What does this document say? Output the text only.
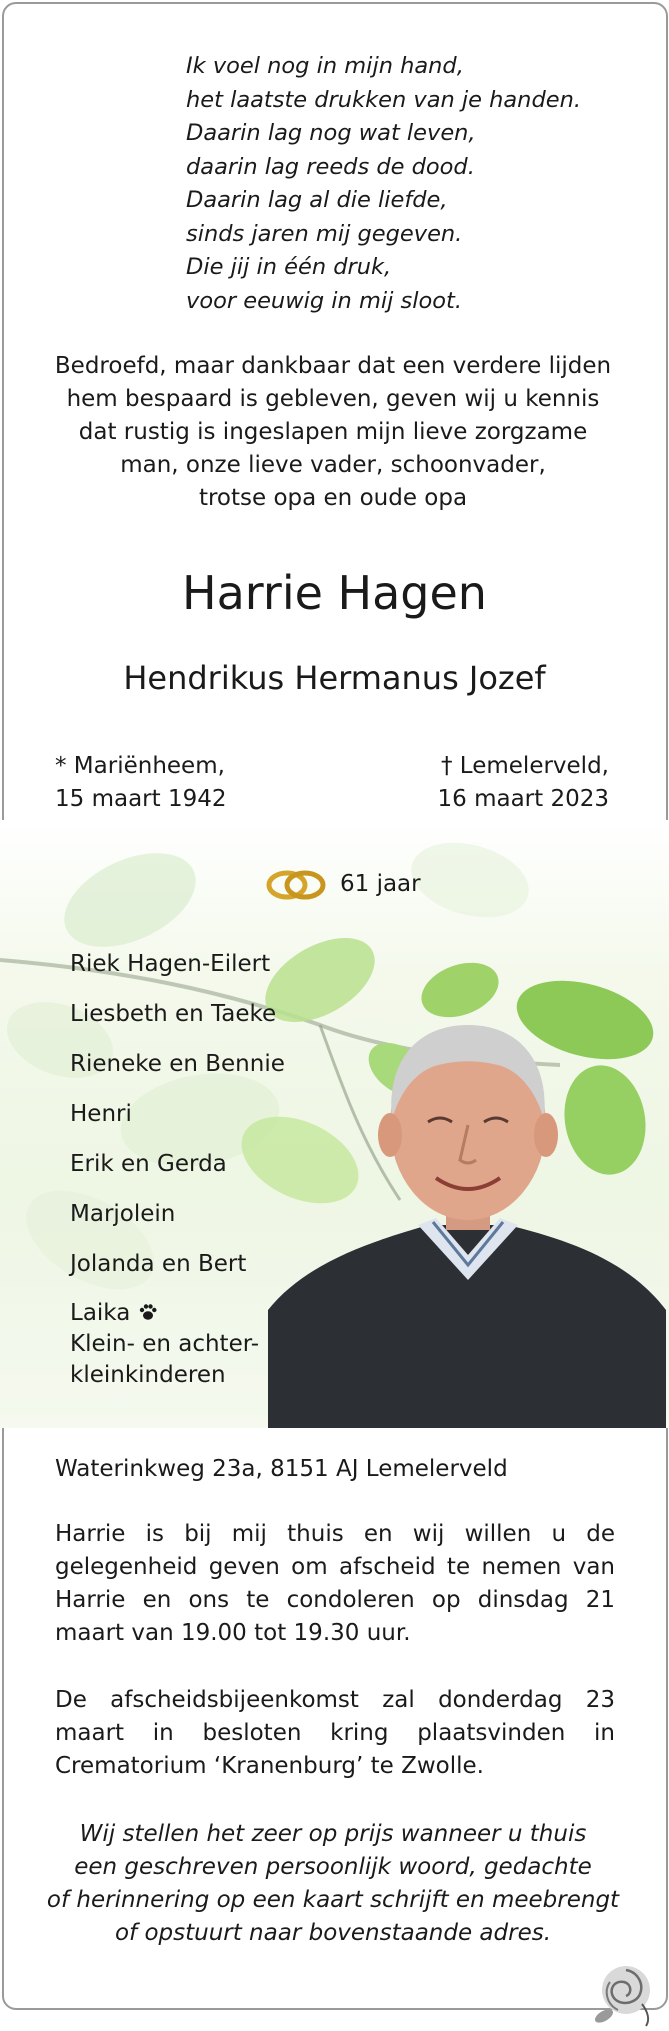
Ik voel nog in mijn hand,
het laatste drukken van je handen.
Daarin lag nog wat leven,
daarin lag reeds de dood.
Daarin lag al die liefde,
sinds jaren mij gegeven.
Die jij in één druk,
voor eeuwig in mij sloot.
Bedroefd, maar dankbaar dat een verdere lijden
hem bespaard is gebleven, geven wij u kennis
dat rustig is ingeslapen mijn lieve zorgzame
man, onze lieve vader, schoonvader,
trotse opa en oude opa
Harrie Hagen
Hendrikus Hermanus Jozef
* Mariënheem,
15 maart 1942
† Lemelerveld,
16 maart 2023
61 jaar
Riek Hagen-Eilert
Liesbeth en Taeke
Rieneke en Bennie
Henri
Erik en Gerda
Marjolein
Jolanda en Bert
Laika
Klein- en achter-
kleinkinderen
Waterinkweg 23a, 8151 AJ Lemelerveld
Harrie is bij mij thuis en wij willen u de gelegenheid geven om afscheid te nemen van Harrie en ons te condoleren op dinsdag 21 maart van 19.00 tot 19.30 uur.
De afscheidsbijeenkomst zal donderdag 23 maart in besloten kring plaatsvinden in Crematorium ‘Kranenburg’ te Zwolle.
Wij stellen het zeer op prijs wanneer u thuis
een geschreven persoonlijk woord, gedachte
of herinnering op een kaart schrijft en meebrengt
of opstuurt naar bovenstaande adres.
